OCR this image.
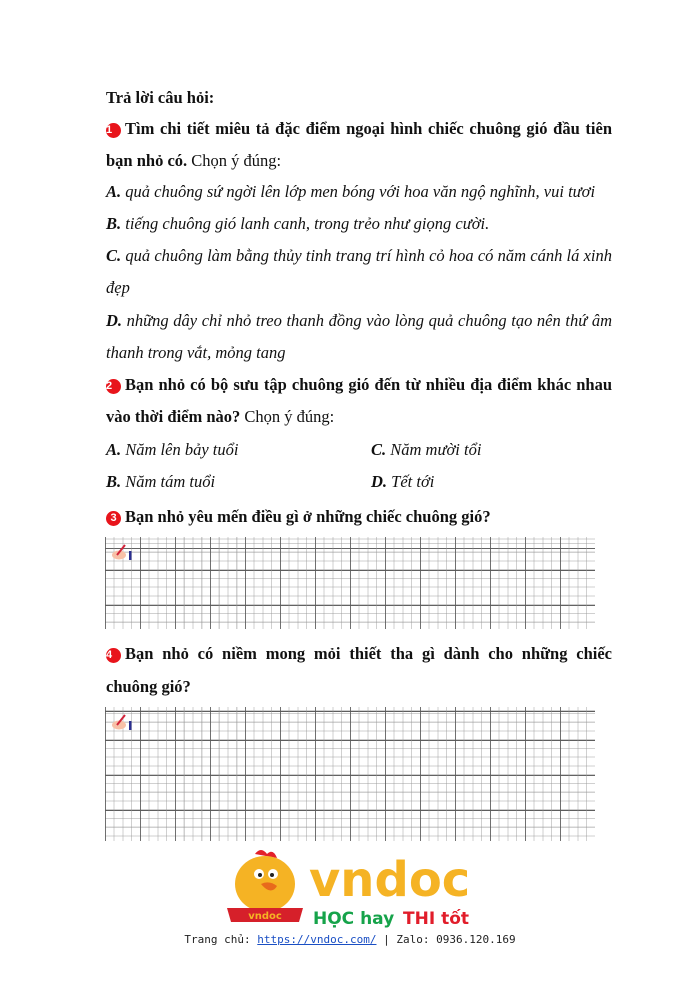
Trả lời câu hỏi:
1 Tìm chi tiết miêu tả đặc điểm ngoại hình chiếc chuông gió đầu tiên
bạn nhỏ có. Chọn ý đúng:
A. quả chuông sứ ngời lên lớp men bóng với hoa văn ngộ nghĩnh, vui tươi
B. tiếng chuông gió lanh canh, trong trẻo như giọng cười.
C. quả chuông làm bằng thủy tinh trang trí hình cỏ hoa có năm cánh lá xinh
đẹp
D. những dây chỉ nhỏ treo thanh đồng vào lòng quả chuông tạo nên thứ âm
thanh trong vắt, mỏng tang
2 Bạn nhỏ có bộ sưu tập chuông gió đến từ nhiều địa điểm khác nhau
vào thời điểm nào? Chọn ý đúng:
A. Năm lên bảy tuổi	C. Năm mười tổi
B. Năm tám tuổi	D. Tết tới
3 Bạn nhỏ yêu mến điều gì ở những chiếc chuông gió?
4 Bạn nhỏ có niềm mong mỏi thiết tha gì dành cho những chiếc
chuông gió?
vndoc
vndoc
HỌC hay THI tốt
Trang chủ: https://vndoc.com/ | Zalo: 0936.120.169
